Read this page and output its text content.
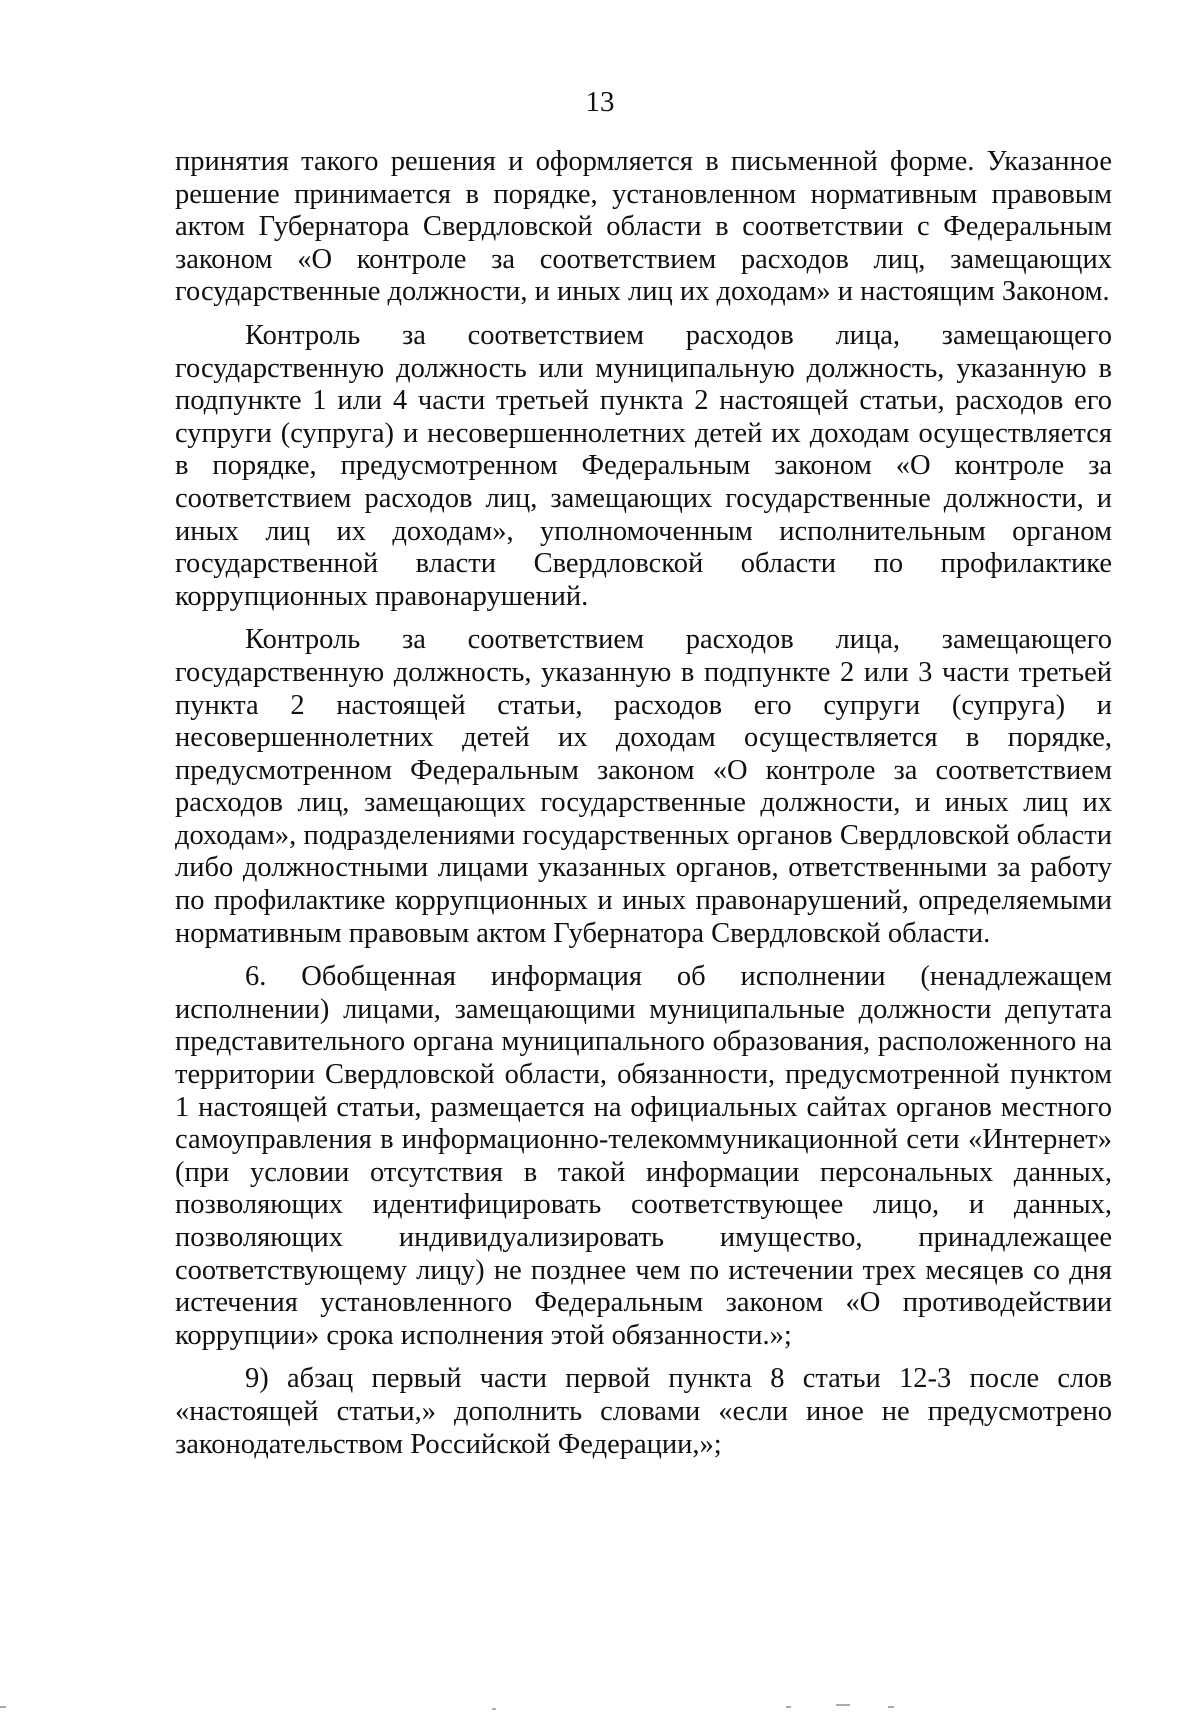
13

принятия такого решения и оформляется в письменной форме. Указанное решение принимается в порядке, установленном нормативным правовым актом Губернатора Свердловской области в соответствии с Федеральным законом «О контроле за соответствием расходов лиц, замещающих государственные должности, и иных лиц их доходам» и настоящим Законом.

Контроль за соответствием расходов лица, замещающего государственную должность или муниципальную должность, указанную в подпункте 1 или 4 части третьей пункта 2 настоящей статьи, расходов его супруги (супруга) и несовершеннолетних детей их доходам осуществляется в порядке, предусмотренном Федеральным законом «О контроле за соответствием расходов лиц, замещающих государственные должности, и иных лиц их доходам», уполномоченным исполнительным органом государственной власти Свердловской области по профилактике коррупционных правонарушений.

Контроль за соответствием расходов лица, замещающего государственную должность, указанную в подпункте 2 или 3 части третьей пункта 2 настоящей статьи, расходов его супруги (супруга) и несовершеннолетних детей их доходам осуществляется в порядке, предусмотренном Федеральным законом «О контроле за соответствием расходов лиц, замещающих государственные должности, и иных лиц их доходам», подразделениями государственных органов Свердловской области либо должностными лицами указанных органов, ответственными за работу по профилактике коррупционных и иных правонарушений, определяемыми нормативным правовым актом Губернатора Свердловской области.

6. Обобщенная информация об исполнении (ненадлежащем исполнении) лицами, замещающими муниципальные должности депутата представительного органа муниципального образования, расположенного на территории Свердловской области, обязанности, предусмотренной пунктом 1 настоящей статьи, размещается на официальных сайтах органов местного самоуправления в информационно-телекоммуникационной сети «Интернет» (при условии отсутствия в такой информации персональных данных, позволяющих идентифицировать соответствующее лицо, и данных, позволяющих индивидуализировать имущество, принадлежащее соответствующему лицу) не позднее чем по истечении трех месяцев со дня истечения установленного Федеральным законом «О противодействии коррупции» срока исполнения этой обязанности.»;

9) абзац первый части первой пункта 8 статьи 12-3 после слов «настоящей статьи,» дополнить словами «если иное не предусмотрено законодательством Российской Федерации,»;
